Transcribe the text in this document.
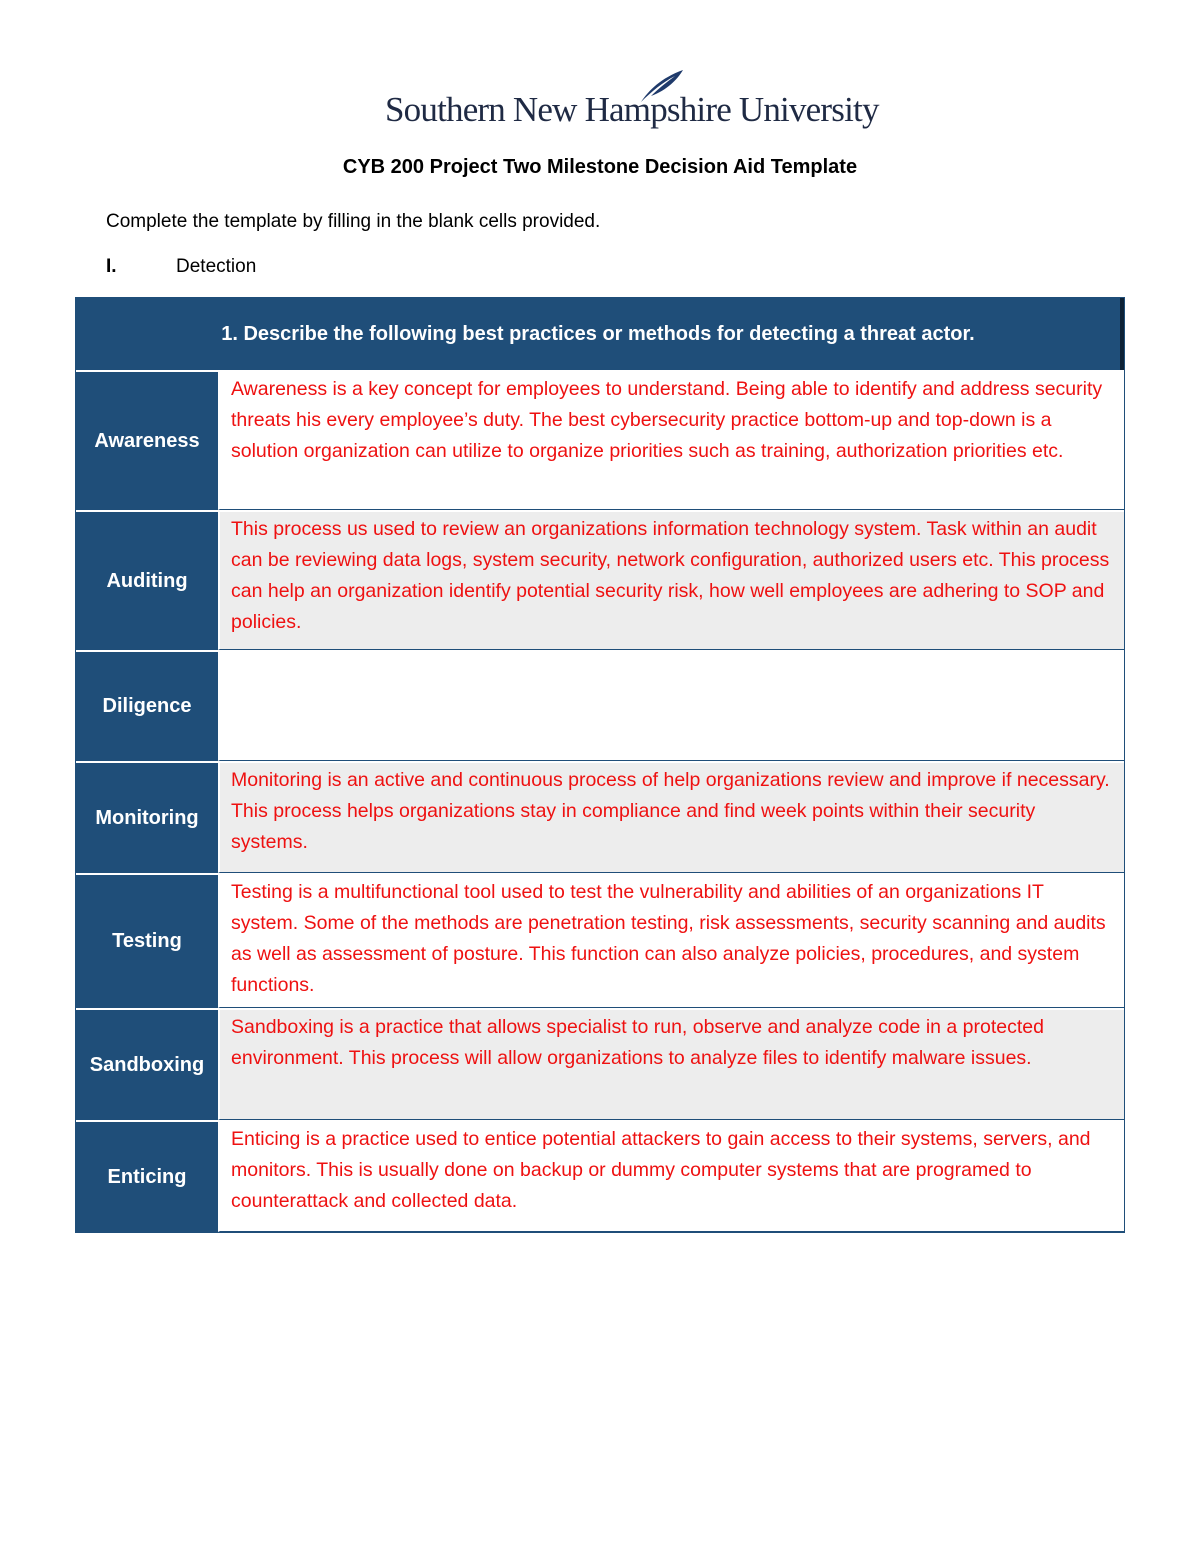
Southern New Hampshire University
CYB 200 Project Two Milestone Decision Aid Template
Complete the template by filling in the blank cells provided.
I.	Detection
1. Describe the following best practices or methods for detecting a threat actor.
Awareness
Awareness is a key concept for employees to understand. Being able to identify and address security threats his every employee’s duty. The best cybersecurity practice bottom-up and top-down is a solution organization can utilize to organize priorities such as training, authorization priorities etc.
Auditing
This process us used to review an organizations information technology system. Task within an audit can be reviewing data logs, system security, network configuration, authorized users etc. This process can help an organization identify potential security risk, how well employees are adhering to SOP and policies.
Diligence
Monitoring
Monitoring is an active and continuous process of help organizations review and improve if necessary. This process helps organizations stay in compliance and find week points within their security systems.
Testing
Testing is a multifunctional tool used to test the vulnerability and abilities of an organizations IT system. Some of the methods are penetration testing, risk assessments, security scanning and audits as well as assessment of posture. This function can also analyze policies, procedures, and system functions.
Sandboxing
Sandboxing is a practice that allows specialist to run, observe and analyze code in a protected environment. This process will allow organizations to analyze files to identify malware issues.
Enticing
Enticing is a practice used to entice potential attackers to gain access to their systems, servers, and monitors. This is usually done on backup or dummy computer systems that are programed to counterattack and collected data.
